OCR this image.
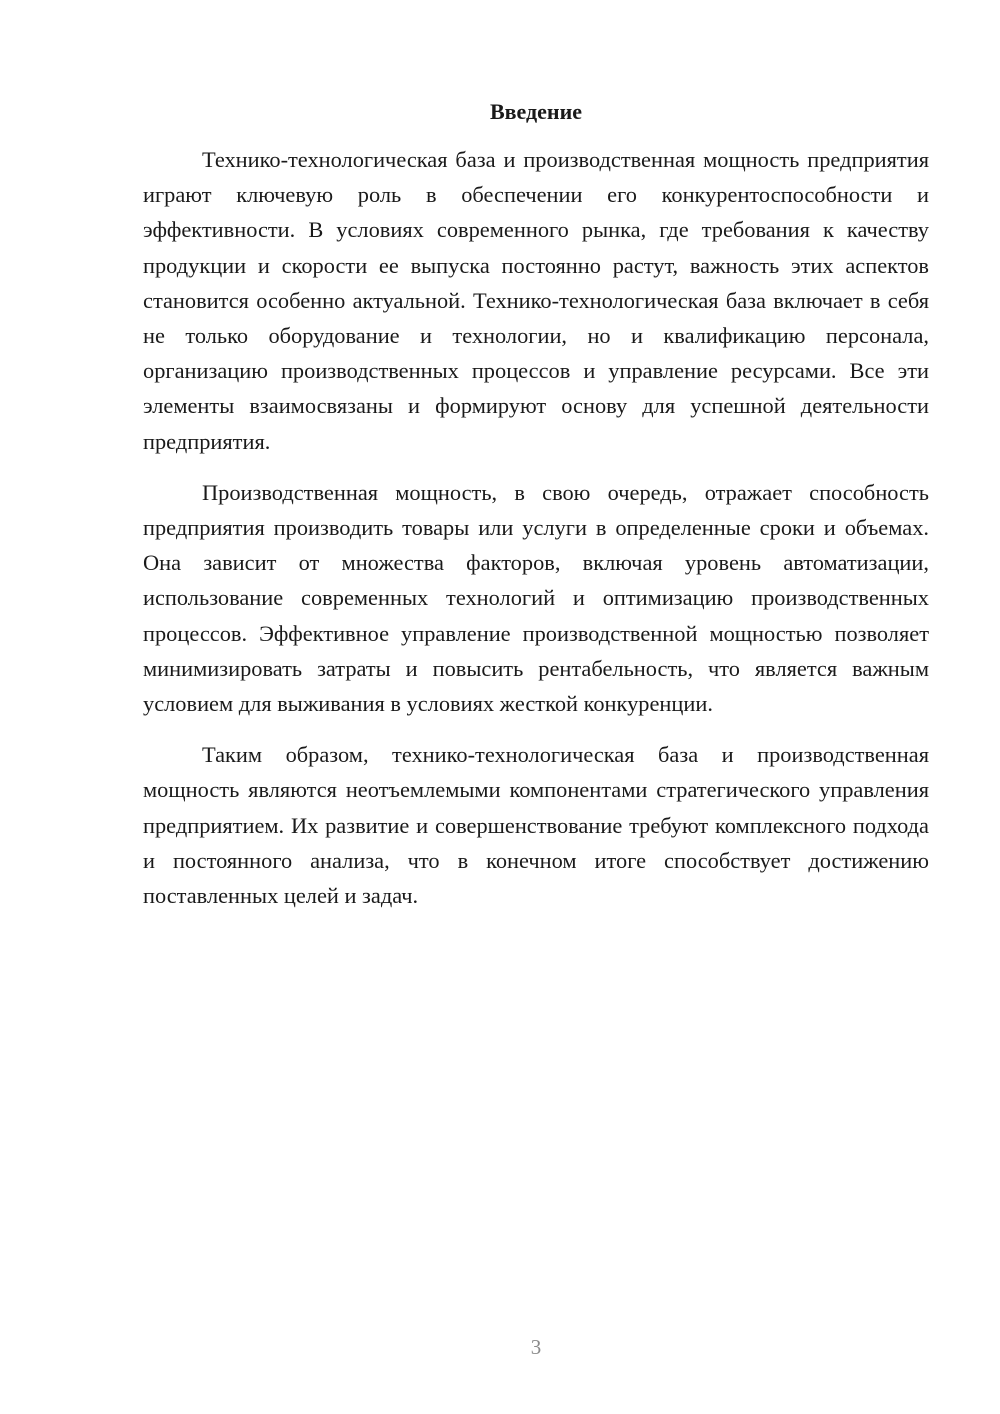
Введение

Технико-технологическая база и производственная мощность предприятия играют ключевую роль в обеспечении его конкурентоспособности и эффективности. В условиях современного рынка, где требования к качеству продукции и скорости ее выпуска постоянно растут, важность этих аспектов становится особенно актуальной. Технико-технологическая база включает в себя не только оборудование и технологии, но и квалификацию персонала, организацию производственных процессов и управление ресурсами. Все эти элементы взаимосвязаны и формируют основу для успешной деятельности предприятия.

Производственная мощность, в свою очередь, отражает способность предприятия производить товары или услуги в определенные сроки и объемах. Она зависит от множества факторов, включая уровень автоматизации, использование современных технологий и оптимизацию производственных процессов. Эффективное управление производственной мощностью позволяет минимизировать затраты и повысить рентабельность, что является важным условием для выживания в условиях жесткой конкуренции.

Таким образом, технико-технологическая база и производственная мощность являются неотъемлемыми компонентами стратегического управления предприятием. Их развитие и совершенствование требуют комплексного подхода и постоянного анализа, что в конечном итоге способствует достижению поставленных целей и задач.

3
